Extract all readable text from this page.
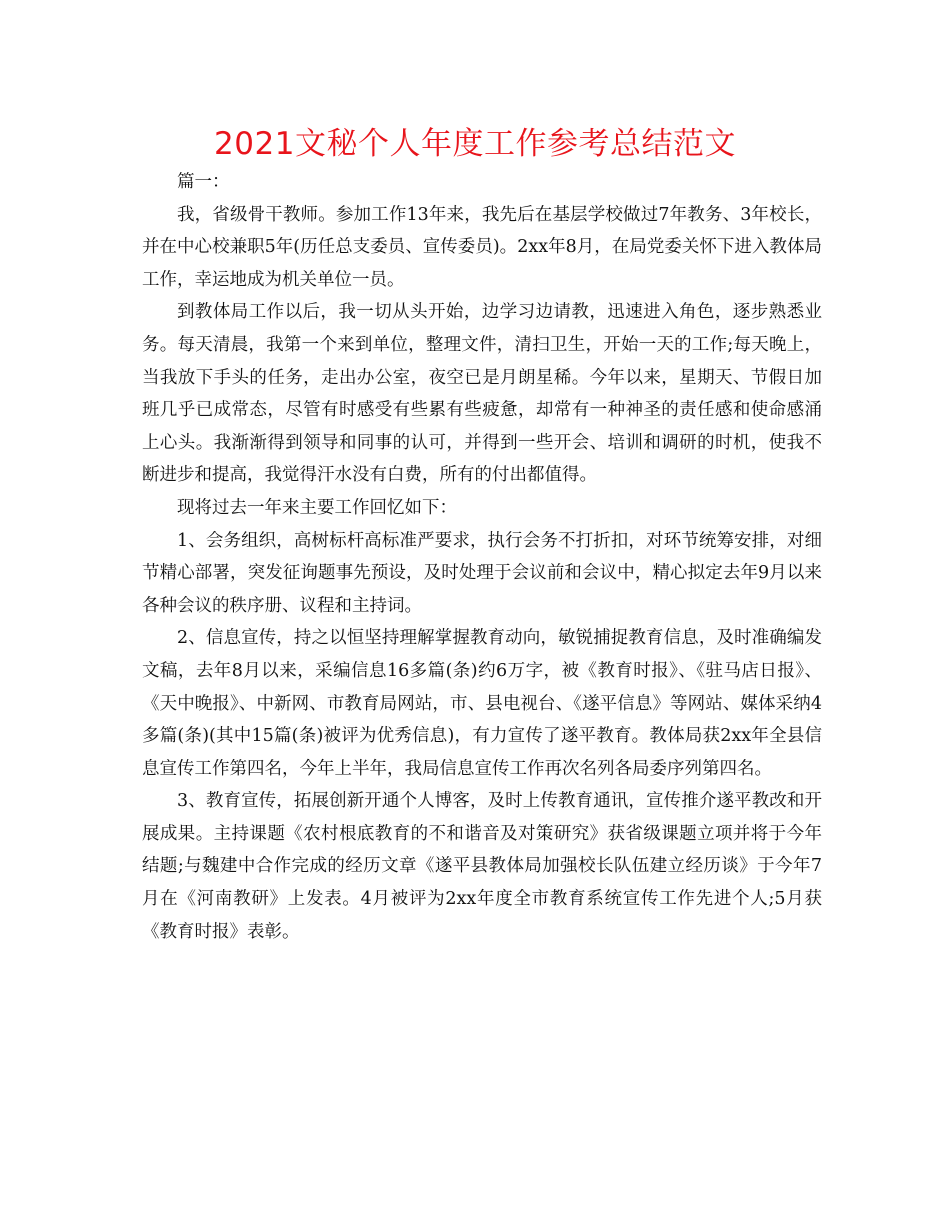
2021文秘个人年度工作参考总结范文

篇一：

我，省级骨干教师。参加工作13年来，我先后在基层学校做过7年教务、3年校长，并在中心校兼职5年(历任总支委员、宣传委员)。2xx年8月，在局党委关怀下进入教体局工作，幸运地成为机关单位一员。

到教体局工作以后，我一切从头开始，边学习边请教，迅速进入角色，逐步熟悉业务。每天清晨，我第一个来到单位，整理文件，清扫卫生，开始一天的工作;每天晚上，当我放下手头的任务，走出办公室，夜空已是月朗星稀。今年以来，星期天、节假日加班几乎已成常态，尽管有时感受有些累有些疲惫，却常有一种神圣的责任感和使命感涌上心头。我渐渐得到领导和同事的认可，并得到一些开会、培训和调研的时机，使我不断进步和提高，我觉得汗水没有白费，所有的付出都值得。

现将过去一年来主要工作回忆如下：

1、会务组织，高树标杆高标准严要求，执行会务不打折扣，对环节统筹安排，对细节精心部署，突发征询题事先预设，及时处理于会议前和会议中，精心拟定去年9月以来各种会议的秩序册、议程和主持词。

2、信息宣传，持之以恒坚持理解掌握教育动向，敏锐捕捉教育信息，及时准确编发文稿，去年8月以来，采编信息16多篇(条)约6万字，被《教育时报》、《驻马店日报》、《天中晚报》、中新网、市教育局网站，市、县电视台、《遂平信息》等网站、媒体采纳4多篇(条)(其中15篇(条)被评为优秀信息)，有力宣传了遂平教育。教体局获2xx年全县信息宣传工作第四名，今年上半年，我局信息宣传工作再次名列各局委序列第四名。

3、教育宣传，拓展创新开通个人博客，及时上传教育通讯，宣传推介遂平教改和开展成果。主持课题《农村根底教育的不和谐音及对策研究》获省级课题立项并将于今年结题;与魏建中合作完成的经历文章《遂平县教体局加强校长队伍建立经历谈》于今年7月在《河南教研》上发表。4月被评为2xx年度全市教育系统宣传工作先进个人;5月获《教育时报》表彰。
